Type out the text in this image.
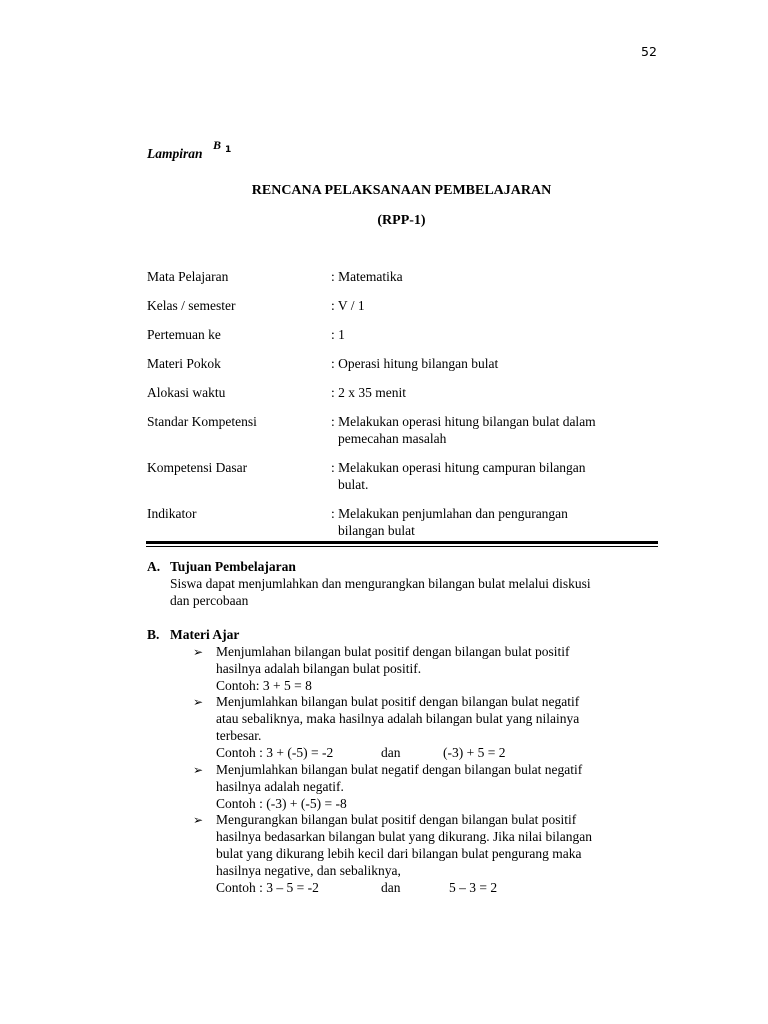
52
Lampiran
B 1
RENCANA PELAKSANAAN PEMBELAJARAN
(RPP-1)
Mata Pelajaran	: Matematika
Kelas / semester	: V / 1
Pertemuan ke	: 1
Materi Pokok	: Operasi hitung bilangan bulat
Alokasi waktu	: 2 x 35 menit
Standar Kompetensi	: Melakukan operasi hitung bilangan bulat dalam
pemecahan masalah
Kompetensi Dasar	: Melakukan operasi hitung campuran bilangan
bulat.
Indikator	: Melakukan penjumlahan dan pengurangan
bilangan bulat
A. Tujuan Pembelajaran
Siswa dapat menjumlahkan dan mengurangkan bilangan bulat melalui diskusi
dan percobaan
B. Materi Ajar
➢ Menjumlahan bilangan bulat positif dengan bilangan bulat positif
hasilnya adalah bilangan bulat positif.
Contoh: 3 + 5 = 8
➢ Menjumlahkan bilangan bulat positif dengan bilangan bulat negatif
atau sebaliknya, maka hasilnya adalah bilangan bulat yang nilainya
terbesar.
Contoh : 3 + (-5) = -2	dan	(-3) + 5 = 2
➢ Menjumlahkan bilangan bulat negatif dengan bilangan bulat negatif
hasilnya adalah negatif.
Contoh : (-3) + (-5) = -8
➢ Mengurangkan bilangan bulat positif dengan bilangan bulat positif
hasilnya bedasarkan bilangan bulat yang dikurang. Jika nilai bilangan
bulat yang dikurang lebih kecil dari bilangan bulat pengurang maka
hasilnya negative, dan sebaliknya,
Contoh : 3 – 5 = -2	dan	5 – 3 = 2
